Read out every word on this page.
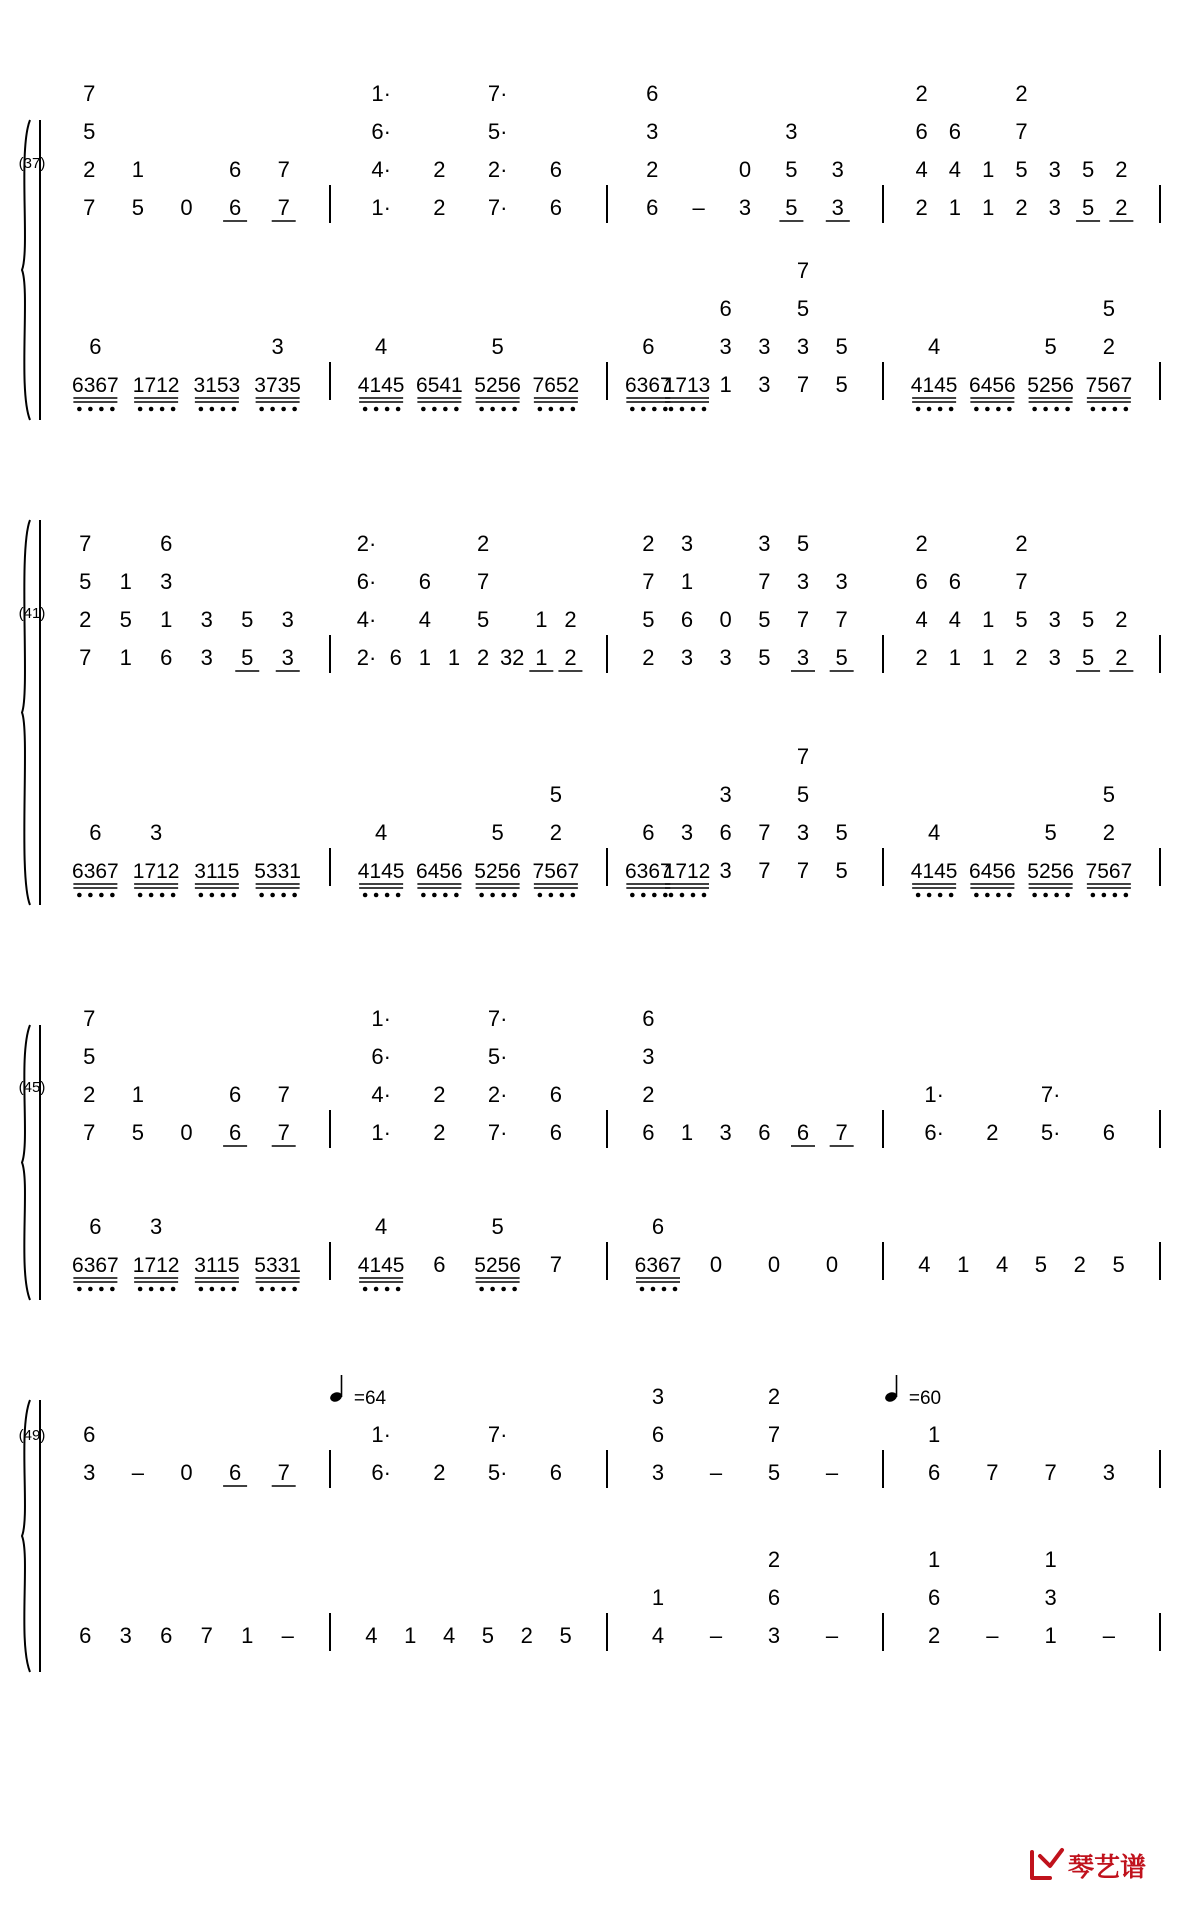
(37)
7
5
2
7
1
5 0
6
6
7
7
6
6367 1712 3153
3
3735
1·
6·
4·
1·
2
2
7·
5·
2·
7·
6
6
4
4145 6541
5
5256 7652
6
3
2
6 –
0
3
3
5
5
3
3
6
6367
1713
6
3
1
3
3
7
5
3
7
5
5
2
6
4
2
6
4
1
1
1
2
7
5
2
3
3
5
5
2
2
4
4145 6456
5
5256
5
2
7567
(41)
7
5
2
7
1
5
1
6
3
1
6
3
3
5
5
3
3
6
6367
3
1712 3115 5331
2·
6·
4·
2· 6
6
4
1 1
2
7
5
2 32
1
1
2
2
4
4145 6456
5
5256
5
2
7567
2
7
5
2
3
1
6
3
0
3
3
7
5
5
5
3
7
3
3
7
5
6
6367
3
1712
3
6
3
7
7
7
5
3
7
5
5
2
6
4
2
6
4
1
1
1
2
7
5
2
3
3
5
5
2
2
4
4145 6456
5
5256
5
2
7567
(45)
7
5
2
7
1
5 0
6
6
7
7
6
6367
3
1712 3115 5331
1·
6·
4·
1·
2
2
7·
5·
2·
7·
6
6
4
4145 6
5
5256 7
6
3
2
6 1 3 6 6 7
6
6367 0 0 0
1·
6· 2
7·
5· 6
4 1 4 5 2 5
(49)
=64	=60
6
3 – 0 6 7
6 3 6 7 1 –
1·
6· 2
7·
5· 6
4 1 4 5 2 5
3
6
3 –
2
7
5 –
1
4 –
2
6
3 –
1
6 7 7 3
1
6
2 –
1
3
1 –
琴艺谱
